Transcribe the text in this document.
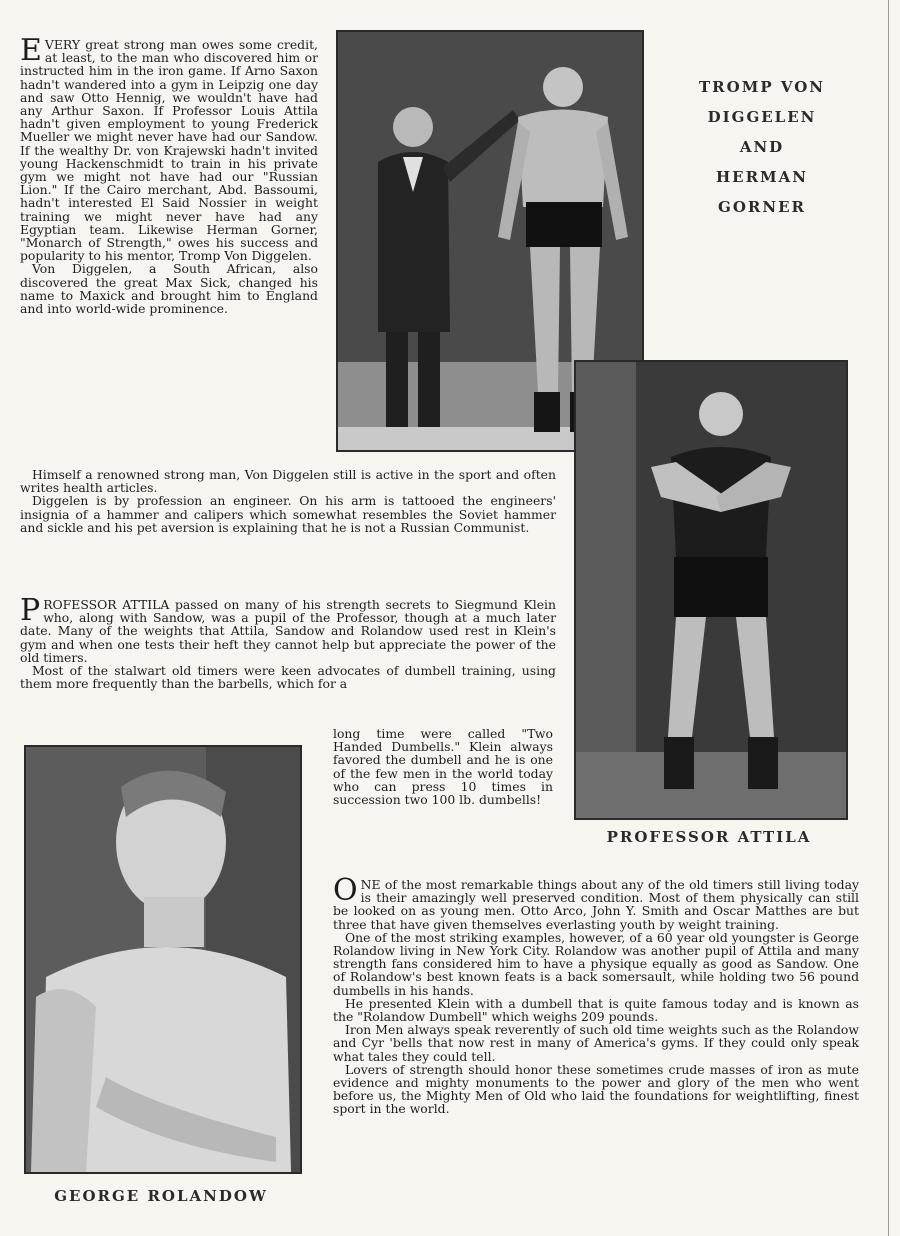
E VERY great strong man owes some credit, at least, to the man who discovered him or instructed him in the iron game. If Arno Saxon hadn't wandered into a gym in Leipzig one day and saw Otto Hennig, we wouldn't have had any Arthur Saxon. If Professor Louis Attila hadn't given employment to young Frederick Mueller we might never have had our Sandow. If the wealthy Dr. von Krajewski hadn't invited young Hackenschmidt to train in his private gym we might not have had our "Russian Lion." If the Cairo merchant, Abd. Bassoumi, hadn't interested El Said Nossier in weight training we might never have had any Egyptian team. Likewise Herman Gorner, "Monarch of Strength," owes his success and popularity to his mentor, Tromp Von Diggelen.

Von Diggelen, a South African, also discovered the great Max Sick, changed his name to Maxick and brought him to England and into world-wide prominence.

Himself a renowned strong man, Von Diggelen still is active in the sport and often writes health articles.

Diggelen is by profession an engineer. On his arm is tattooed the engineers' insignia of a hammer and calipers which somewhat resembles the Soviet hammer and sickle and his pet aversion is explaining that he is not a Russian Communist.

P ROFESSOR ATTILA passed on many of his strength secrets to Siegmund Klein who, along with Sandow, was a pupil of the Professor, though at a much later date. Many of the weights that Attila, Sandow and Rolandow used rest in Klein's gym and when one tests their heft they cannot help but appreciate the power of the old timers.

Most of the stalwart old timers were keen advocates of dumbell training, using them more frequently than the barbells, which for a

long time were called "Two Handed Dumbells." Klein always favored the dumbell and he is one of the few men in the world today who can press 10 times in succession two 100 lb. dumbells!

O NE of the most remarkable things about any of the old timers still living today is their amazingly well preserved condition. Most of them physically can still be looked on as young men. Otto Arco, John Y. Smith and Oscar Matthes are but three that have given themselves everlasting youth by weight training.

One of the most striking examples, however, of a 60 year old youngster is George Rolandow living in New York City. Rolandow was another pupil of Attila and many strength fans considered him to have a physique equally as good as Sandow. One of Rolandow's best known feats is a back somersault, while holding two 56 pound dumbells in his hands.

He presented Klein with a dumbell that is quite famous today and is known as the "Rolandow Dumbell" which weighs 209 pounds.

Iron Men always speak reverently of such old time weights such as the Rolandow and Cyr 'bells that now rest in many of America's gyms. If they could only speak what tales they could tell.

Lovers of strength should honor these sometimes crude masses of iron as mute evidence and mighty monuments to the power and glory of the men who went before us, the Mighty Men of Old who laid the foundations for weightlifting, finest sport in the world.

TROMP VON
DIGGELEN
AND
HERMAN
GORNER
PROFESSOR ATTILA
GEORGE ROLANDOW
